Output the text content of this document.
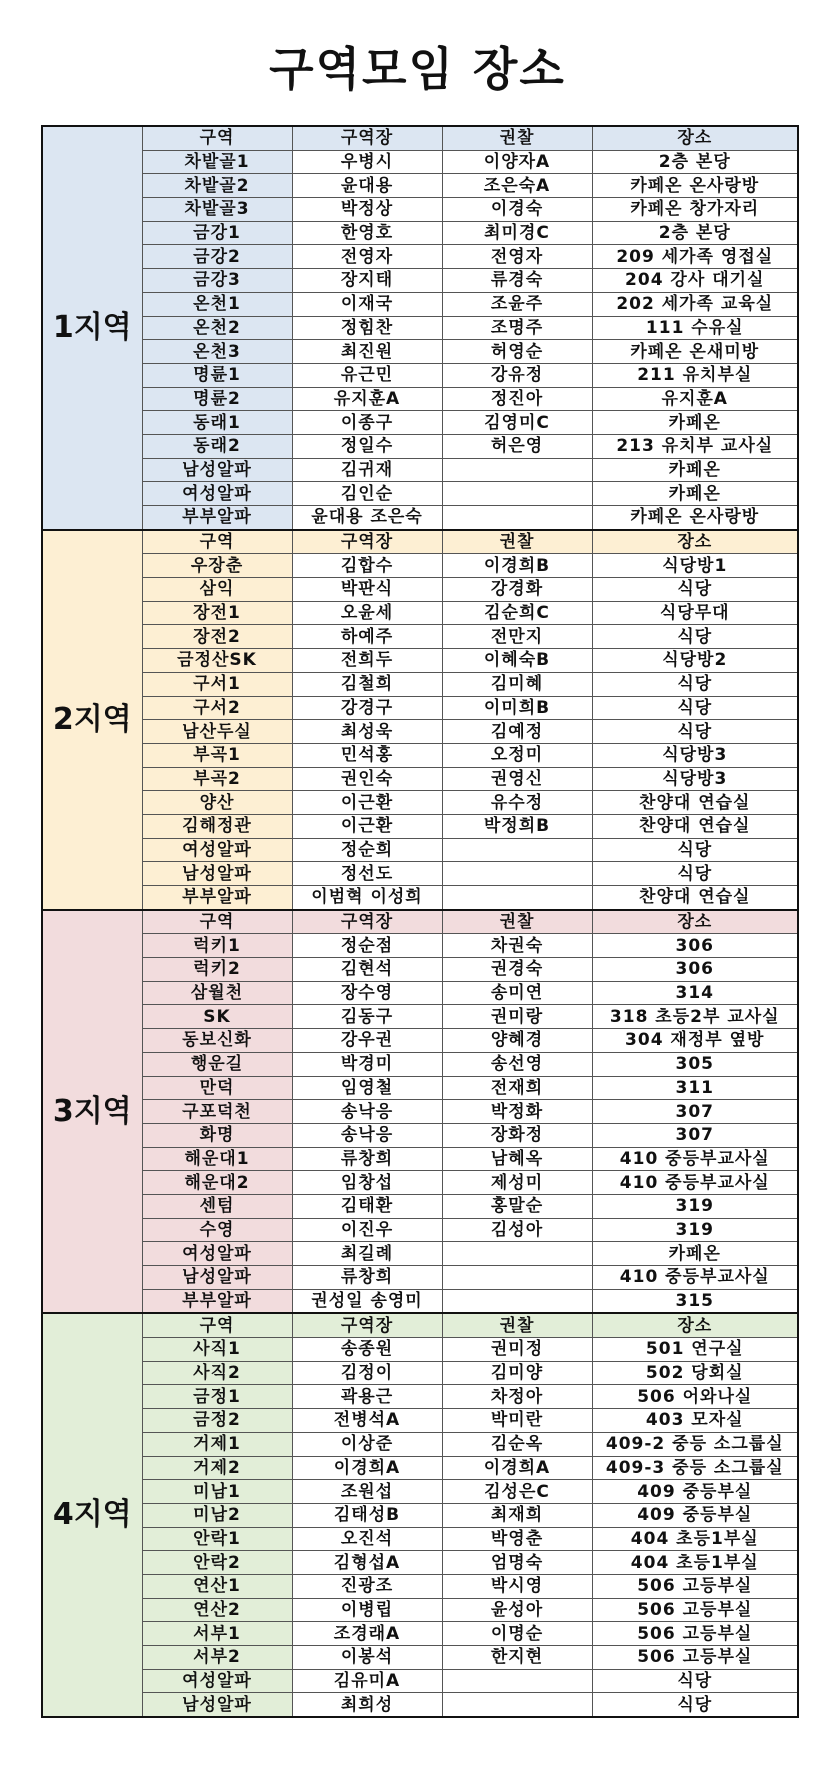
구역모임 장소
1지역	구역	구역장	권찰	장소
	차밭골1	우병시	이양자A	2층 본당
	차밭골2	윤대용	조은숙A	카페온 온사랑방
	차밭골3	박정상	이경숙	카페온 창가자리
	금강1	한영호	최미경C	2층 본당
	금강2	전영자	전영자	209 세가족 영접실
	금강3	장지태	류경숙	204 강사 대기실
	온천1	이재국	조윤주	202 세가족 교육실
	온천2	정힘찬	조명주	111 수유실
	온천3	최진원	허영순	카페온 온새미방
	명륜1	유근민	강유정	211 유치부실
	명륜2	유지훈A	정진아	유지훈A
	동래1	이종구	김영미C	카페온
	동래2	정일수	허은영	213 유치부 교사실
	남성알파	김귀재		카페온
	여성알파	김인순		카페온
	부부알파	윤대용 조은숙		카페온 온사랑방
2지역	구역	구역장	권찰	장소
	우장춘	김합수	이경희B	식당방1
	삼익	박판식	강경화	식당
	장전1	오윤세	김순희C	식당무대
	장전2	하예주	전만지	식당
	금정산SK	전희두	이혜숙B	식당방2
	구서1	김철희	김미혜	식당
	구서2	강경구	이미희B	식당
	남산두실	최성욱	김예정	식당
	부곡1	민석홍	오정미	식당방3
	부곡2	권인숙	권영신	식당방3
	양산	이근환	유수정	찬양대 연습실
	김해정관	이근환	박정희B	찬양대 연습실
	여성알파	정순희		식당
	남성알파	정선도		식당
	부부알파	이범혁 이성희		찬양대 연습실
3지역	구역	구역장	권찰	장소
	럭키1	정순점	차권숙	306
	럭키2	김현석	권경숙	306
	삼월천	장수영	송미연	314
	SK	김동구	권미랑	318 초등2부 교사실
	동보신화	강우권	양혜경	304 재정부 옆방
	행운길	박경미	송선영	305
	만덕	임영철	전재희	311
	구포덕천	송낙응	박정화	307
	화명	송낙응	장화정	307
	해운대1	류창희	남혜옥	410 중등부교사실
	해운대2	임창섭	제성미	410 중등부교사실
	센텀	김태환	홍말순	319
	수영	이진우	김성아	319
	여성알파	최길례		카페온
	남성알파	류창희		410 중등부교사실
	부부알파	권성일 송영미		315
4지역	구역	구역장	권찰	장소
	사직1	송종원	권미정	501 연구실
	사직2	김정이	김미양	502 당회실
	금정1	곽용근	차정아	506 어와나실
	금정2	전병석A	박미란	403 모자실
	거제1	이상준	김순옥	409-2 중등 소그룹실
	거제2	이경희A	이경희A	409-3 중등 소그룹실
	미남1	조원섭	김성은C	409 중등부실
	미남2	김태성B	최재희	409 중등부실
	안락1	오진석	박영춘	404 초등1부실
	안락2	김형섭A	엄명숙	404 초등1부실
	연산1	진광조	박시영	506 고등부실
	연산2	이병립	윤성아	506 고등부실
	서부1	조경래A	이명순	506 고등부실
	서부2	이봉석	한지현	506 고등부실
	여성알파	김유미A		식당
	남성알파	최희성		식당
